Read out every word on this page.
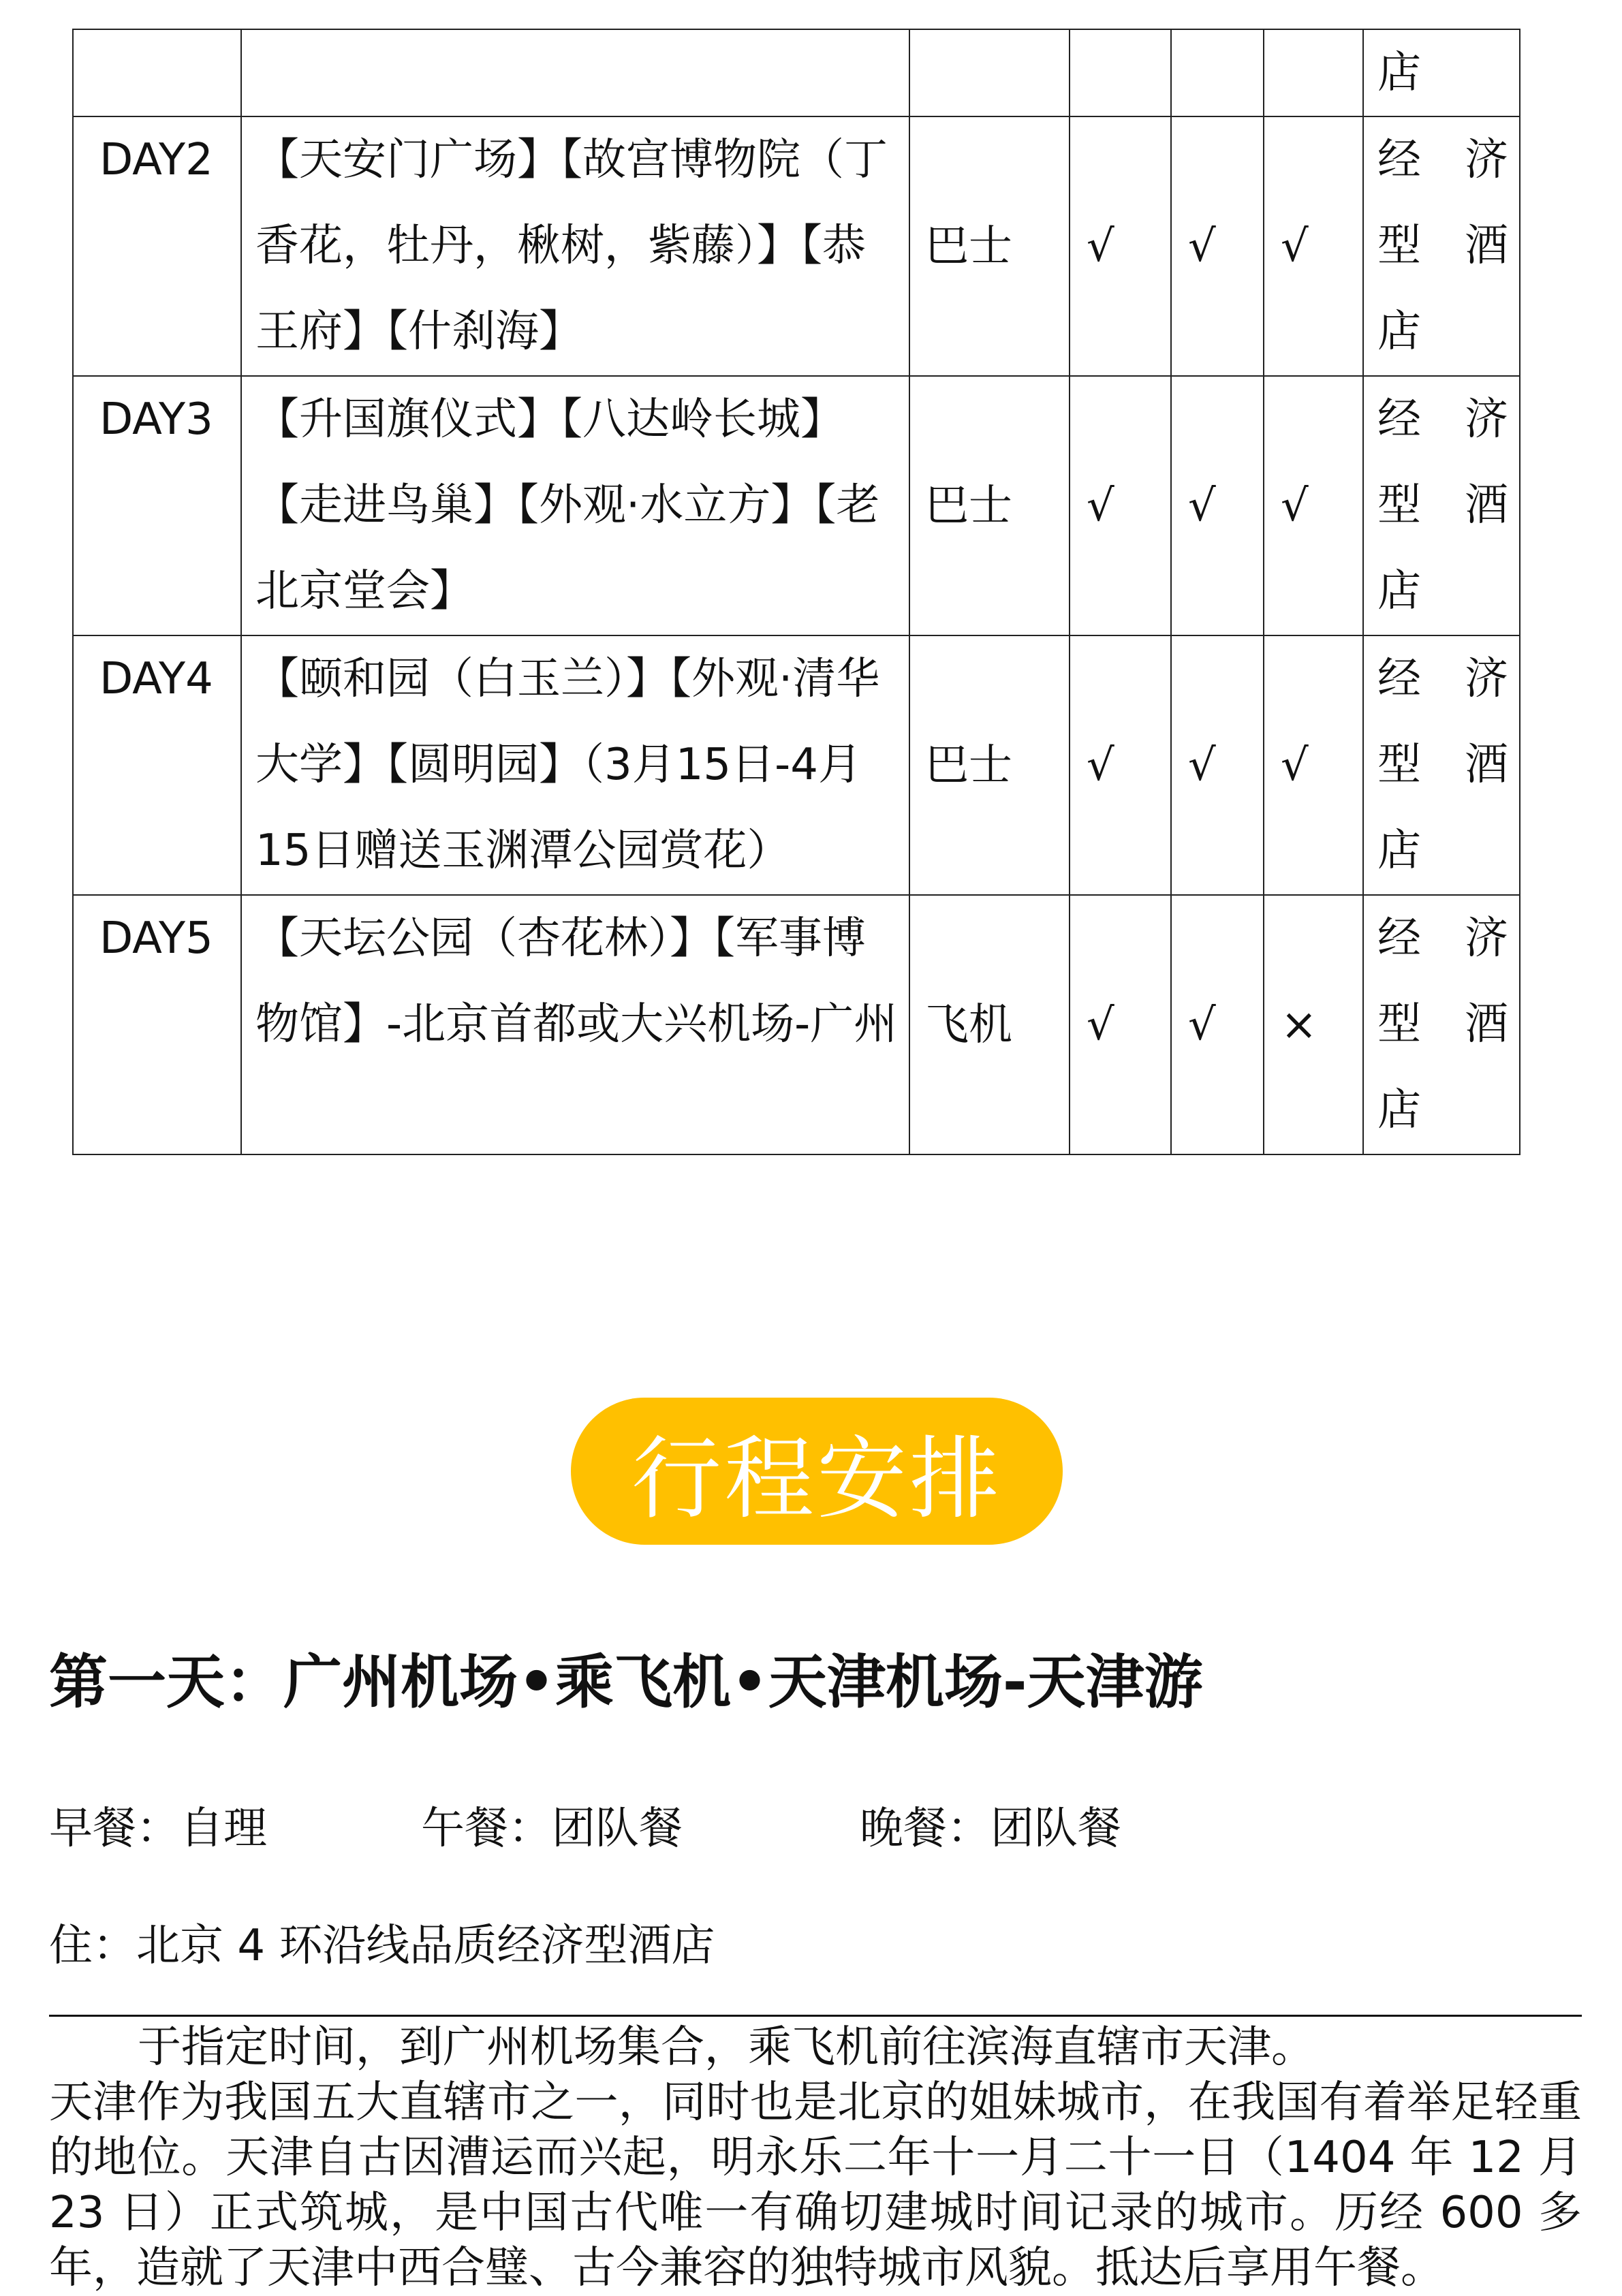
						店

DAY2	【天安门广场】【故宫博物院（丁香花，牡丹，楸树，紫藤）】【恭王府】【什刹海】	巴士	√	√	√	经　济
型　酒
店

DAY3	【升国旗仪式】【八达岭长城】【走进鸟巢】【外观·水立方】【老北京堂会】	巴士	√	√	√	经　济
型　酒
店

DAY4	【颐和园（白玉兰）】【外观·清华大学】【圆明园】（3月15日-4月15日赠送玉渊潭公园赏花）	巴士	√	√	√	经　济
型　酒
店

DAY5	【天坛公园（杏花林）】【军事博物馆】-北京首都或大兴机场-广州	飞机	√	√	×	经　济
型　酒
店
行程安排
第一天：广州机场•乘飞机•天津机场-天津游
早餐：自理	午餐：团队餐	晚餐：团队餐
住：北京 4 环沿线品质经济型酒店

于指定时间，到广州机场集合，乘飞机前往滨海直辖市天津。

天津作为我国五大直辖市之一，同时也是北京的姐妹城市，在我国有着举足轻重的地位。天津自古因漕运而兴起，明永乐二年十一月二十一日（1404 年 12 月 23 日）正式筑城，是中国古代唯一有确切建城时间记录的城市。历经 600 多年，造就了天津中西合璧、古今兼容的独特城市风貌。抵达后享用午餐。
